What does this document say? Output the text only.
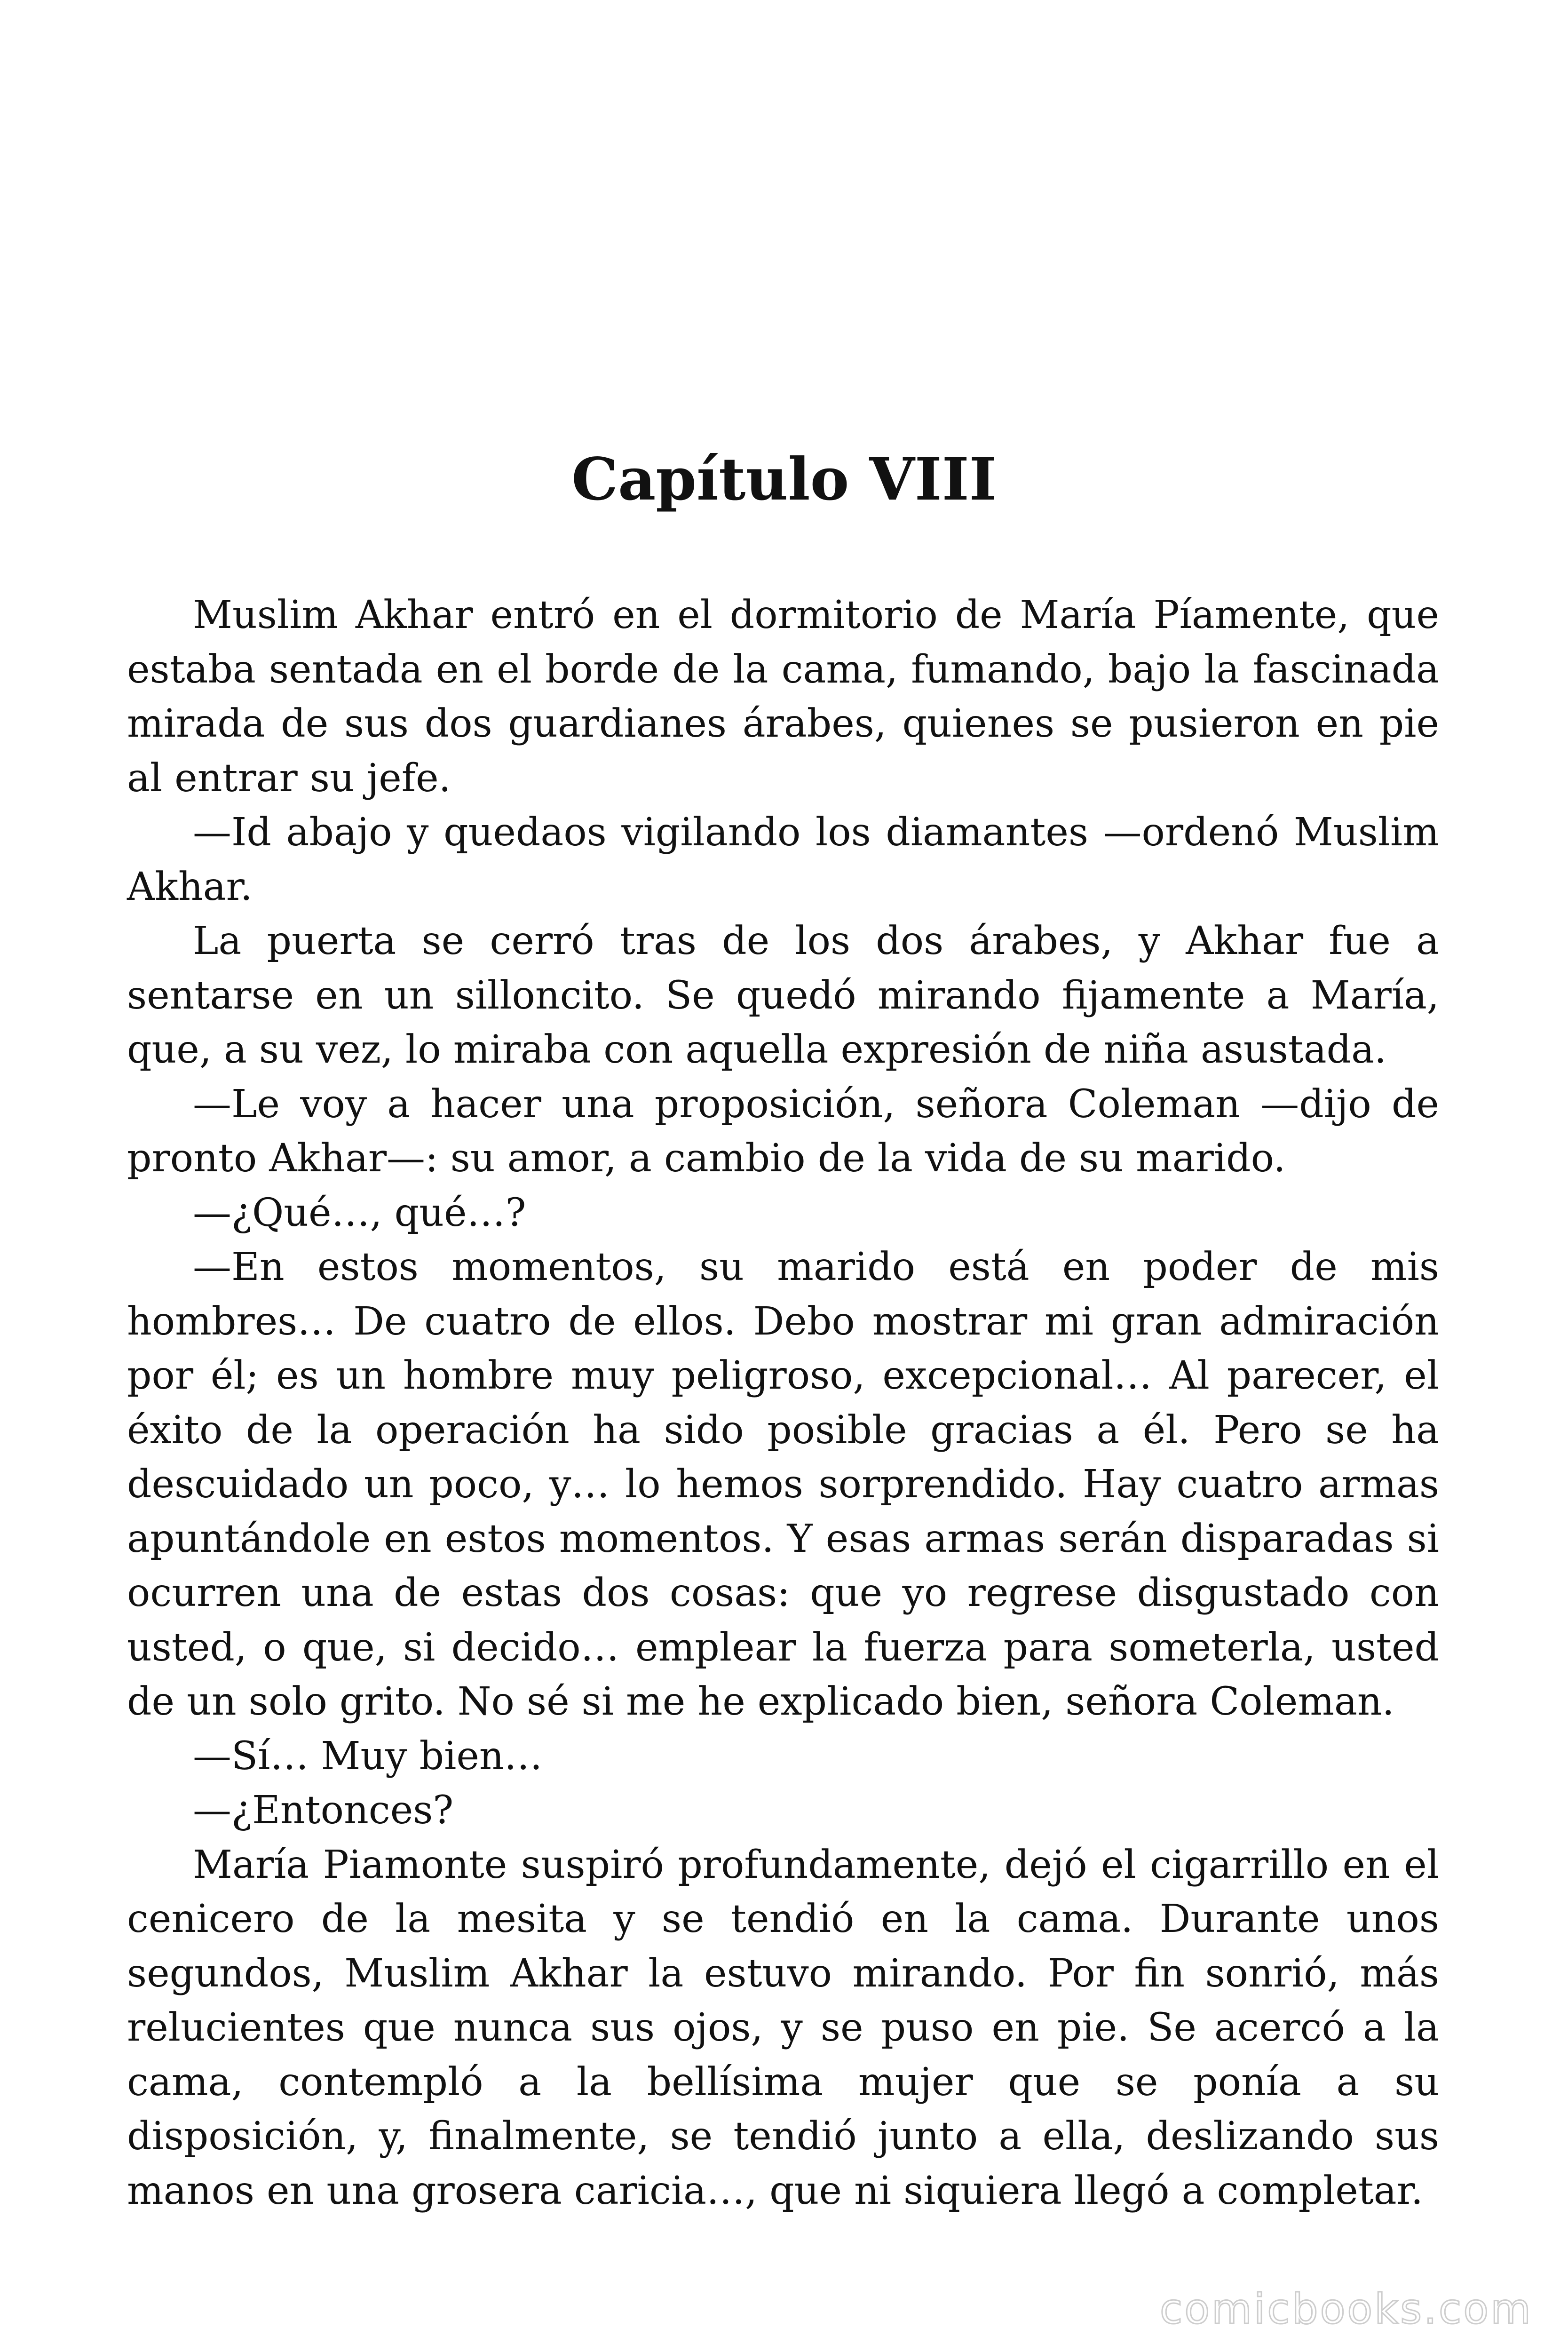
Capítulo VIII

Muslim Akhar entró en el dormitorio de María Píamente, que estaba sentada en el borde de la cama, fumando, bajo la fascinada mirada de sus dos guardianes árabes, quienes se pusieron en pie al entrar su jefe.

—Id abajo y quedaos vigilando los diamantes —ordenó Muslim Akhar.

La puerta se cerró tras de los dos árabes, y Akhar fue a sentarse en un silloncito. Se quedó mirando fijamente a María, que, a su vez, lo miraba con aquella expresión de niña asustada.

—Le voy a hacer una proposición, señora Coleman —dijo de pronto Akhar—: su amor, a cambio de la vida de su marido.

—¿Qué…, qué…?

—En estos momentos, su marido está en poder de mis hombres… De cuatro de ellos. Debo mostrar mi gran admiración por él; es un hombre muy peligroso, excepcional… Al parecer, el éxito de la operación ha sido posible gracias a él. Pero se ha descuidado un poco, y… lo hemos sorprendido. Hay cuatro armas apuntándole en estos momentos. Y esas armas serán disparadas si ocurren una de estas dos cosas: que yo regrese disgustado con usted, o que, si decido… emplear la fuerza para someterla, usted de un solo grito. No sé si me he explicado bien, señora Coleman.

—Sí… Muy bien…

—¿Entonces?

María Piamonte suspiró profundamente, dejó el cigarrillo en el cenicero de la mesita y se tendió en la cama. Durante unos segundos, Muslim Akhar la estuvo mirando. Por fin sonrió, más relucientes que nunca sus ojos, y se puso en pie. Se acercó a la cama, contempló a la bellísima mujer que se ponía a su disposición, y, finalmente, se tendió junto a ella, deslizando sus manos en una grosera caricia…, que ni siquiera llegó a completar.

comicbooks.com
